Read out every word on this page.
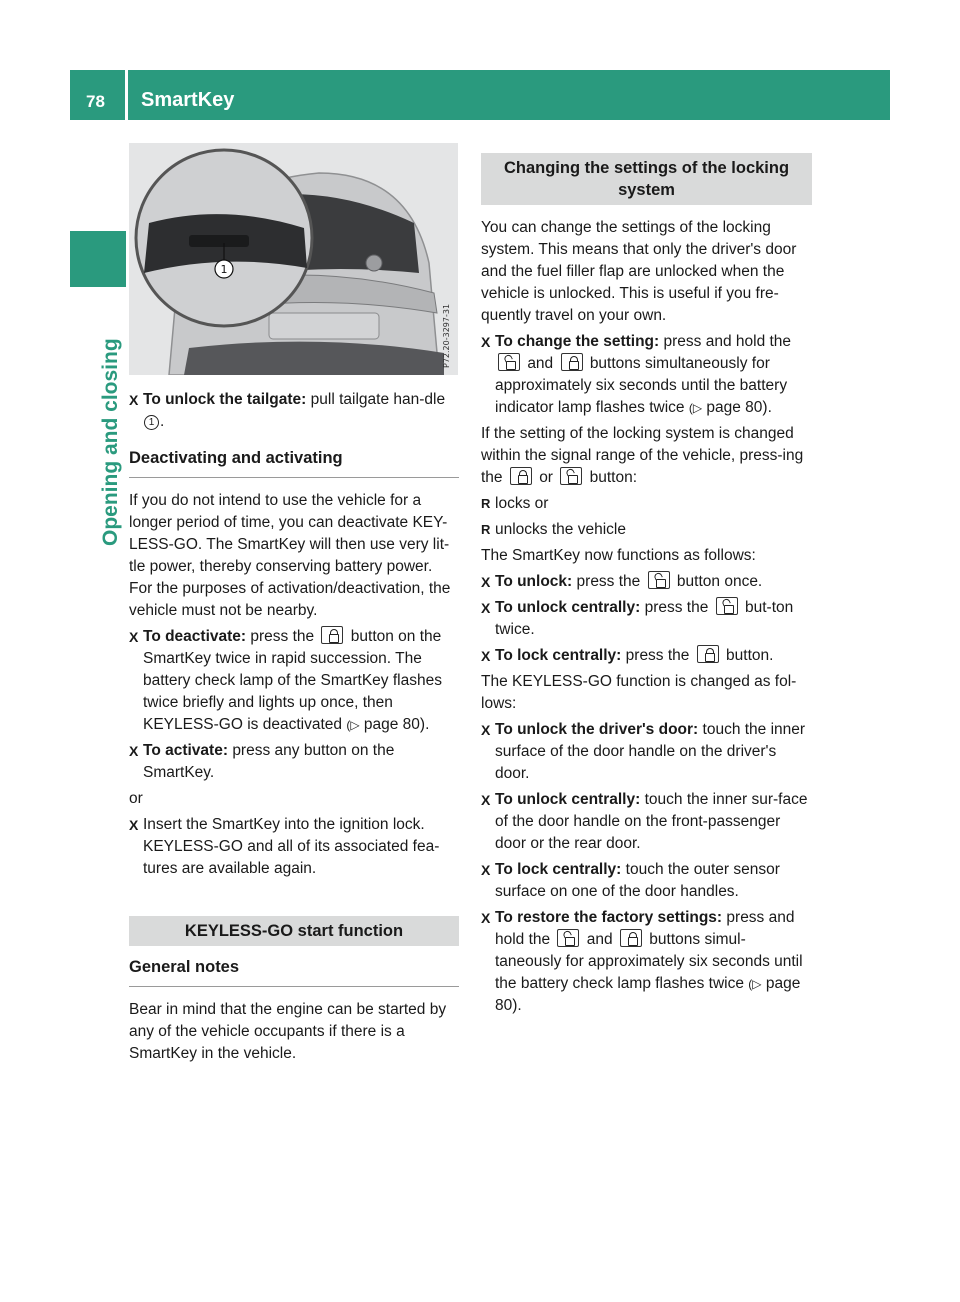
78 SmartKey
Opening and closing
1
P72.20-3297-31
X To unlock the tailgate: pull tailgate han-dle 1 .
Deactivating and activating
If you do not intend to use the vehicle for a longer period of time, you can deactivate KEY-LESS-GO. The SmartKey will then use very lit-tle power, thereby conserving battery power. For the purposes of activation/deactivation, the vehicle must not be nearby.
X To deactivate: press the button on the SmartKey twice in rapid succession. The battery check lamp of the SmartKey flashes twice briefly and lights up once, then KEYLESS-GO is deactivated (▷ page 80).
X To activate: press any button on the SmartKey.
or
X Insert the SmartKey into the ignition lock. KEYLESS-GO and all of its associated fea-tures are available again.
KEYLESS-GO start function
General notes
Bear in mind that the engine can be started by any of the vehicle occupants if there is a SmartKey in the vehicle.
Changing the settings of the locking system
You can change the settings of the locking system. This means that only the driver's door and the fuel filler flap are unlocked when the vehicle is unlocked. This is useful if you fre-quently travel on your own.
X To change the setting: press and hold the  and buttons simultaneously for approximately six seconds until the battery indicator lamp flashes twice (▷ page 80).
If the setting of the locking system is changed within the signal range of the vehicle, press-ing the or button:
R locks or
R unlocks the vehicle
The SmartKey now functions as follows:
X To unlock: press the button once.
X To unlock centrally: press the but-ton twice.
X To lock centrally: press the button.
The KEYLESS-GO function is changed as fol-lows:
X To unlock the driver's door: touch the inner surface of the door handle on the driver's door.
X To unlock centrally: touch the inner sur-face of the door handle on the front-passenger door or the rear door.
X To lock centrally: touch the outer sensor surface on one of the door handles.
X To restore the factory settings: press and hold the and buttons simul-taneously for approximately six seconds until the battery check lamp flashes twice (▷ page 80).
